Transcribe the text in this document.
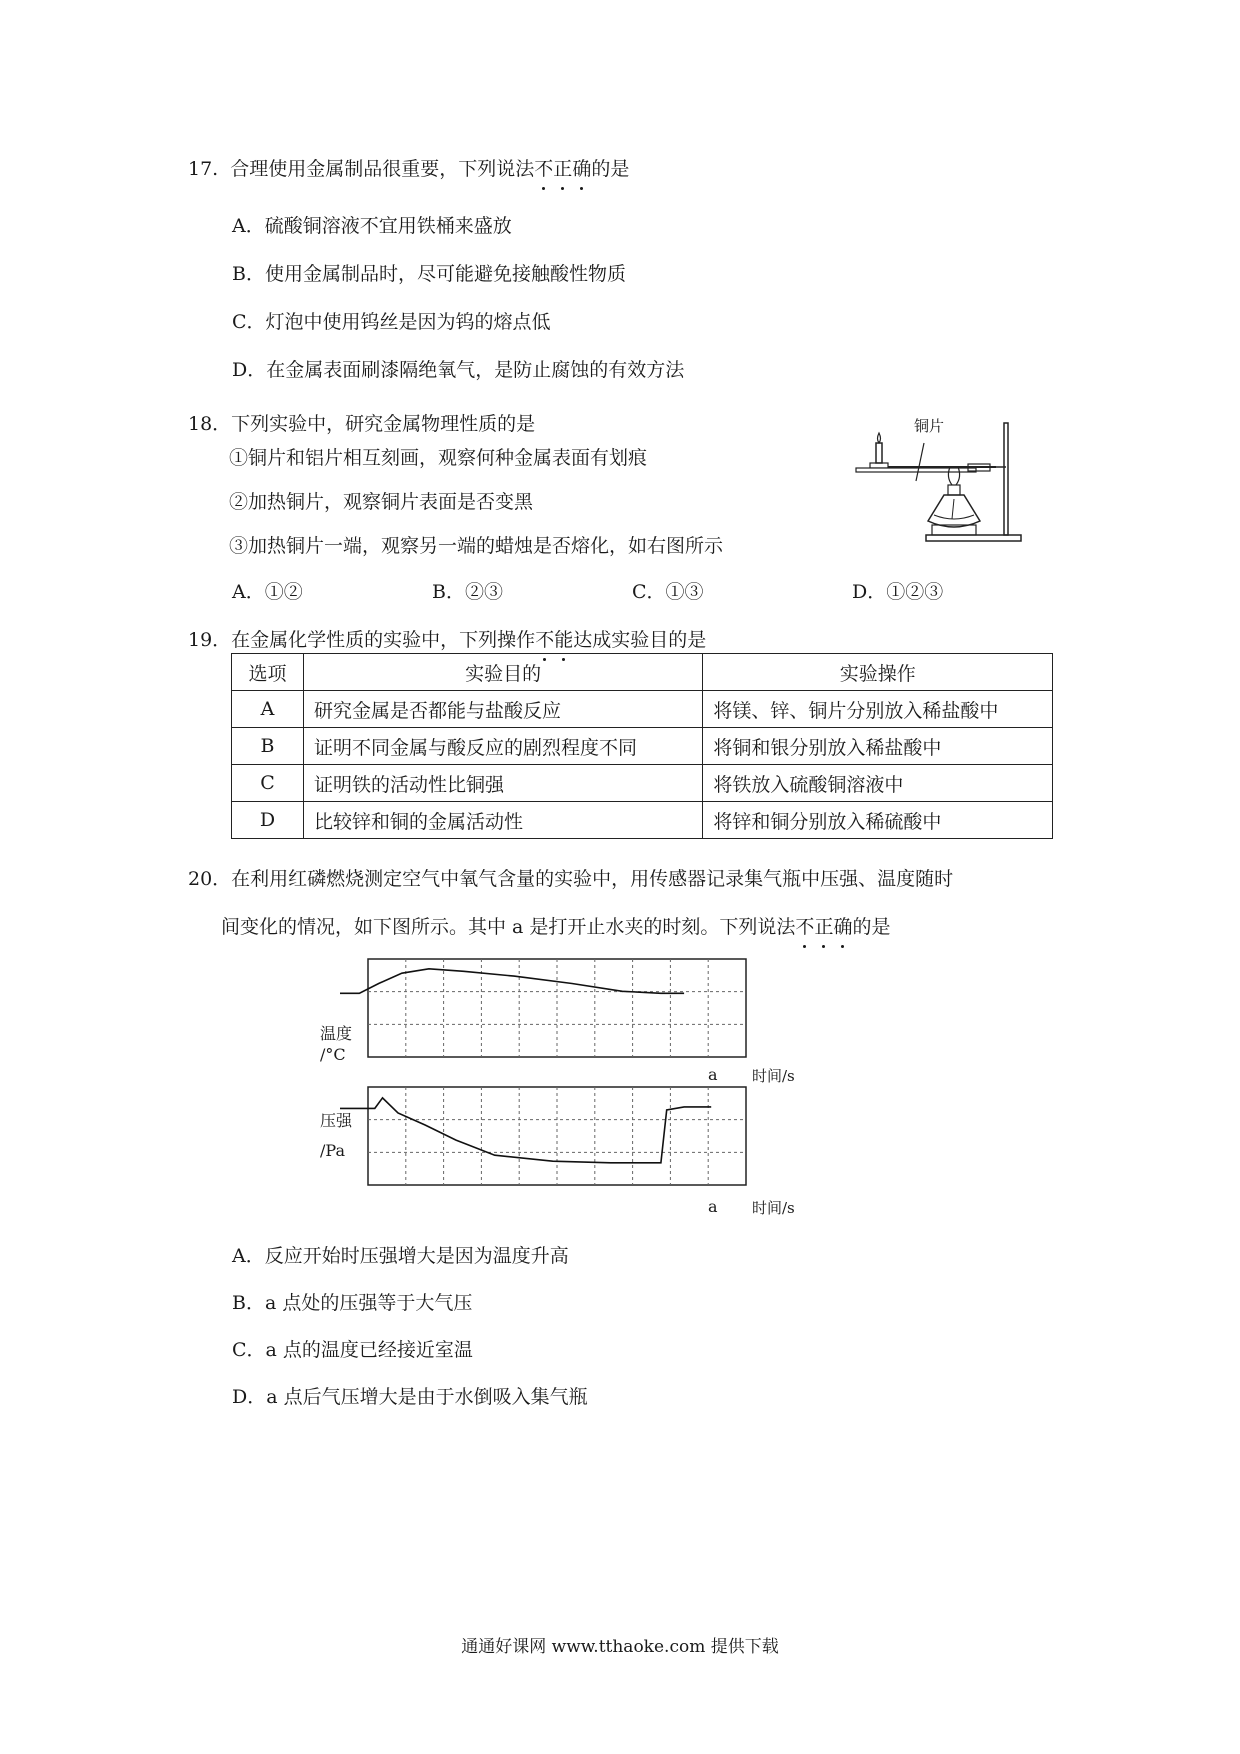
17. 合理使用金属制品很重要，下列说法不正确的是
A．硫酸铜溶液不宜用铁桶来盛放
B．使用金属制品时，尽可能避免接触酸性物质
C．灯泡中使用钨丝是因为钨的熔点低
D．在金属表面刷漆隔绝氧气，是防止腐蚀的有效方法
18．下列实验中，研究金属物理性质的是
①铜片和铝片相互刻画，观察何种金属表面有划痕
②加热铜片，观察铜片表面是否变黑
③加热铜片一端，观察另一端的蜡烛是否熔化，如右图所示
A．①②	B．②③	C．①③	D．①②③
铜片
19．在金属化学性质的实验中，下列操作不能达成实验目的是
选项	实验目的	实验操作
A	研究金属是否都能与盐酸反应	将镁、锌、铜片分别放入稀盐酸中
B	证明不同金属与酸反应的剧烈程度不同	将铜和银分别放入稀盐酸中
C	证明铁的活动性比铜强	将铁放入硫酸铜溶液中
D	比较锌和铜的金属活动性	将锌和铜分别放入稀硫酸中
20．在利用红磷燃烧测定空气中氧气含量的实验中，用传感器记录集气瓶中压强、温度随时
间变化的情况，如下图所示。其中 a 是打开止水夹的时刻。下列说法不正确的是
温度
/°C
a 时间/s
压强
/Pa
a 时间/s
A．反应开始时压强增大是因为温度升高
B．a 点处的压强等于大气压
C．a 点的温度已经接近室温
D．a 点后气压增大是由于水倒吸入集气瓶
通通好课网 www.tthaoke.com 提供下载
